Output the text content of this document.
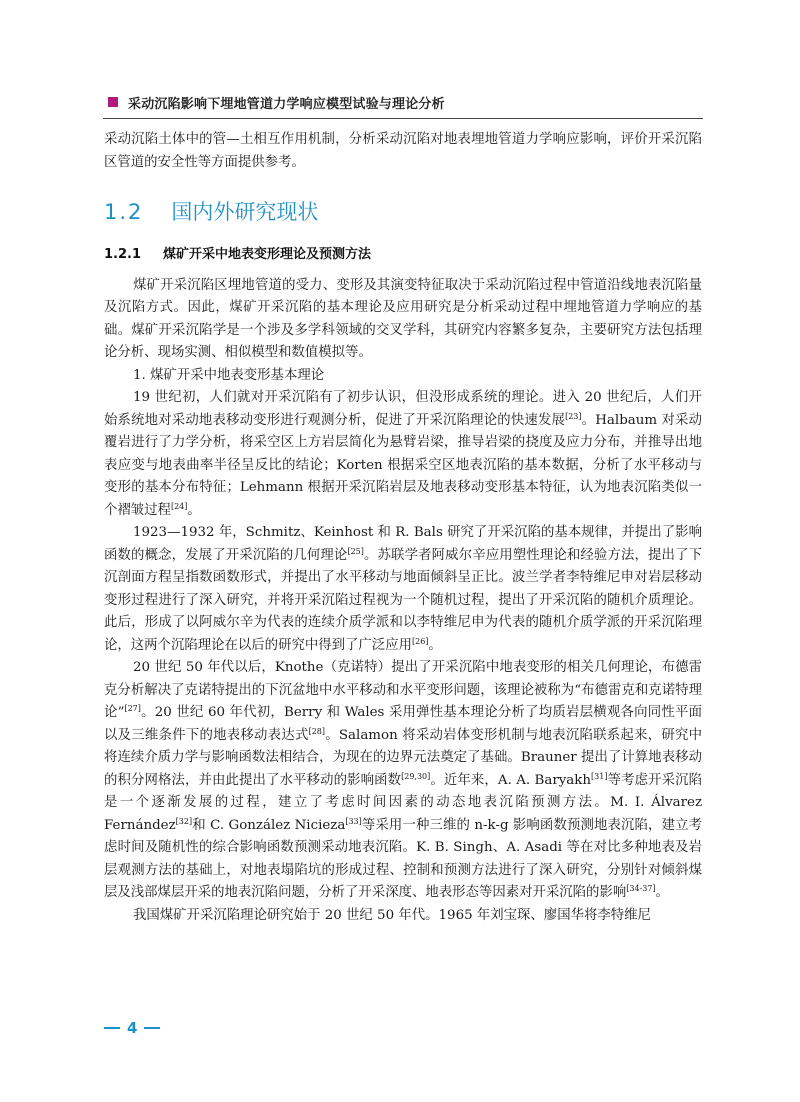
采动沉陷影响下埋地管道力学响应模型试验与理论分析

采动沉陷土体中的管—土相互作用机制，分析采动沉陷对地表埋地管道力学响应影响，评价开采沉陷区管道的安全性等方面提供参考。

1.2 国内外研究现状
1.2.1 煤矿开采中地表变形理论及预测方法

煤矿开采沉陷区埋地管道的受力、变形及其演变特征取决于采动沉陷过程中管道沿线地表沉陷量及沉陷方式。因此，煤矿开采沉陷的基本理论及应用研究是分析采动过程中埋地管道力学响应的基础。煤矿开采沉陷学是一个涉及多学科领域的交叉学科，其研究内容繁多复杂，主要研究方法包括理论分析、现场实测、相似模型和数值模拟等。

1. 煤矿开采中地表变形基本理论

19 世纪初，人们就对开采沉陷有了初步认识，但没形成系统的理论。进入 20 世纪后，人们开始系统地对采动地表移动变形进行观测分析，促进了开采沉陷理论的快速发展[23]。Halbaum 对采动覆岩进行了力学分析，将采空区上方岩层简化为悬臂岩梁，推导岩梁的挠度及应力分布，并推导出地表应变与地表曲率半径呈反比的结论；Korten 根据采空区地表沉陷的基本数据，分析了水平移动与变形的基本分布特征；Lehmann 根据开采沉陷岩层及地表移动变形基本特征，认为地表沉陷类似一个褶皱过程[24]。

1923—1932 年，Schmitz、Keinhost 和 R. Bals 研究了开采沉陷的基本规律，并提出了影响函数的概念，发展了开采沉陷的几何理论[25]。苏联学者阿威尔辛应用塑性理论和经验方法，提出了下沉剖面方程呈指数函数形式，并提出了水平移动与地面倾斜呈正比。波兰学者李特维尼申对岩层移动变形过程进行了深入研究，并将开采沉陷过程视为一个随机过程，提出了开采沉陷的随机介质理论。此后，形成了以阿威尔辛为代表的连续介质学派和以李特维尼申为代表的随机介质学派的开采沉陷理论，这两个沉陷理论在以后的研究中得到了广泛应用[26]。

20 世纪 50 年代以后，Knothe（克诺特）提出了开采沉陷中地表变形的相关几何理论，布德雷克分析解决了克诺特提出的下沉盆地中水平移动和水平变形问题，该理论被称为“布德雷克和克诺特理论”[27]。20 世纪 60 年代初，Berry 和 Wales 采用弹性基本理论分析了均质岩层横观各向同性平面以及三维条件下的地表移动表达式[28]。Salamon 将采动岩体变形机制与地表沉陷联系起来，研究中将连续介质力学与影响函数法相结合，为现在的边界元法奠定了基础。Brauner 提出了计算地表移动的积分网格法，并由此提出了水平移动的影响函数[29,30]。近年来，A. A. Baryakh[31]等考虑开采沉陷是一个逐渐发展的过程，建立了考虑时间因素的动态地表沉陷预测方法。M. I. Álvarez Fernández[32]和 C. González Nicieza[33]等采用一种三维的 n-k-g 影响函数预测地表沉陷，建立考虑时间及随机性的综合影响函数预测采动地表沉陷。K. B. Singh、A. Asadi 等在对比多种地表及岩层观测方法的基础上，对地表塌陷坑的形成过程、控制和预测方法进行了深入研究，分别针对倾斜煤层及浅部煤层开采的地表沉陷问题，分析了开采深度、地表形态等因素对开采沉陷的影响[34-37]。

我国煤矿开采沉陷理论研究始于 20 世纪 50 年代。1965 年刘宝琛、廖国华将李特维尼

4
